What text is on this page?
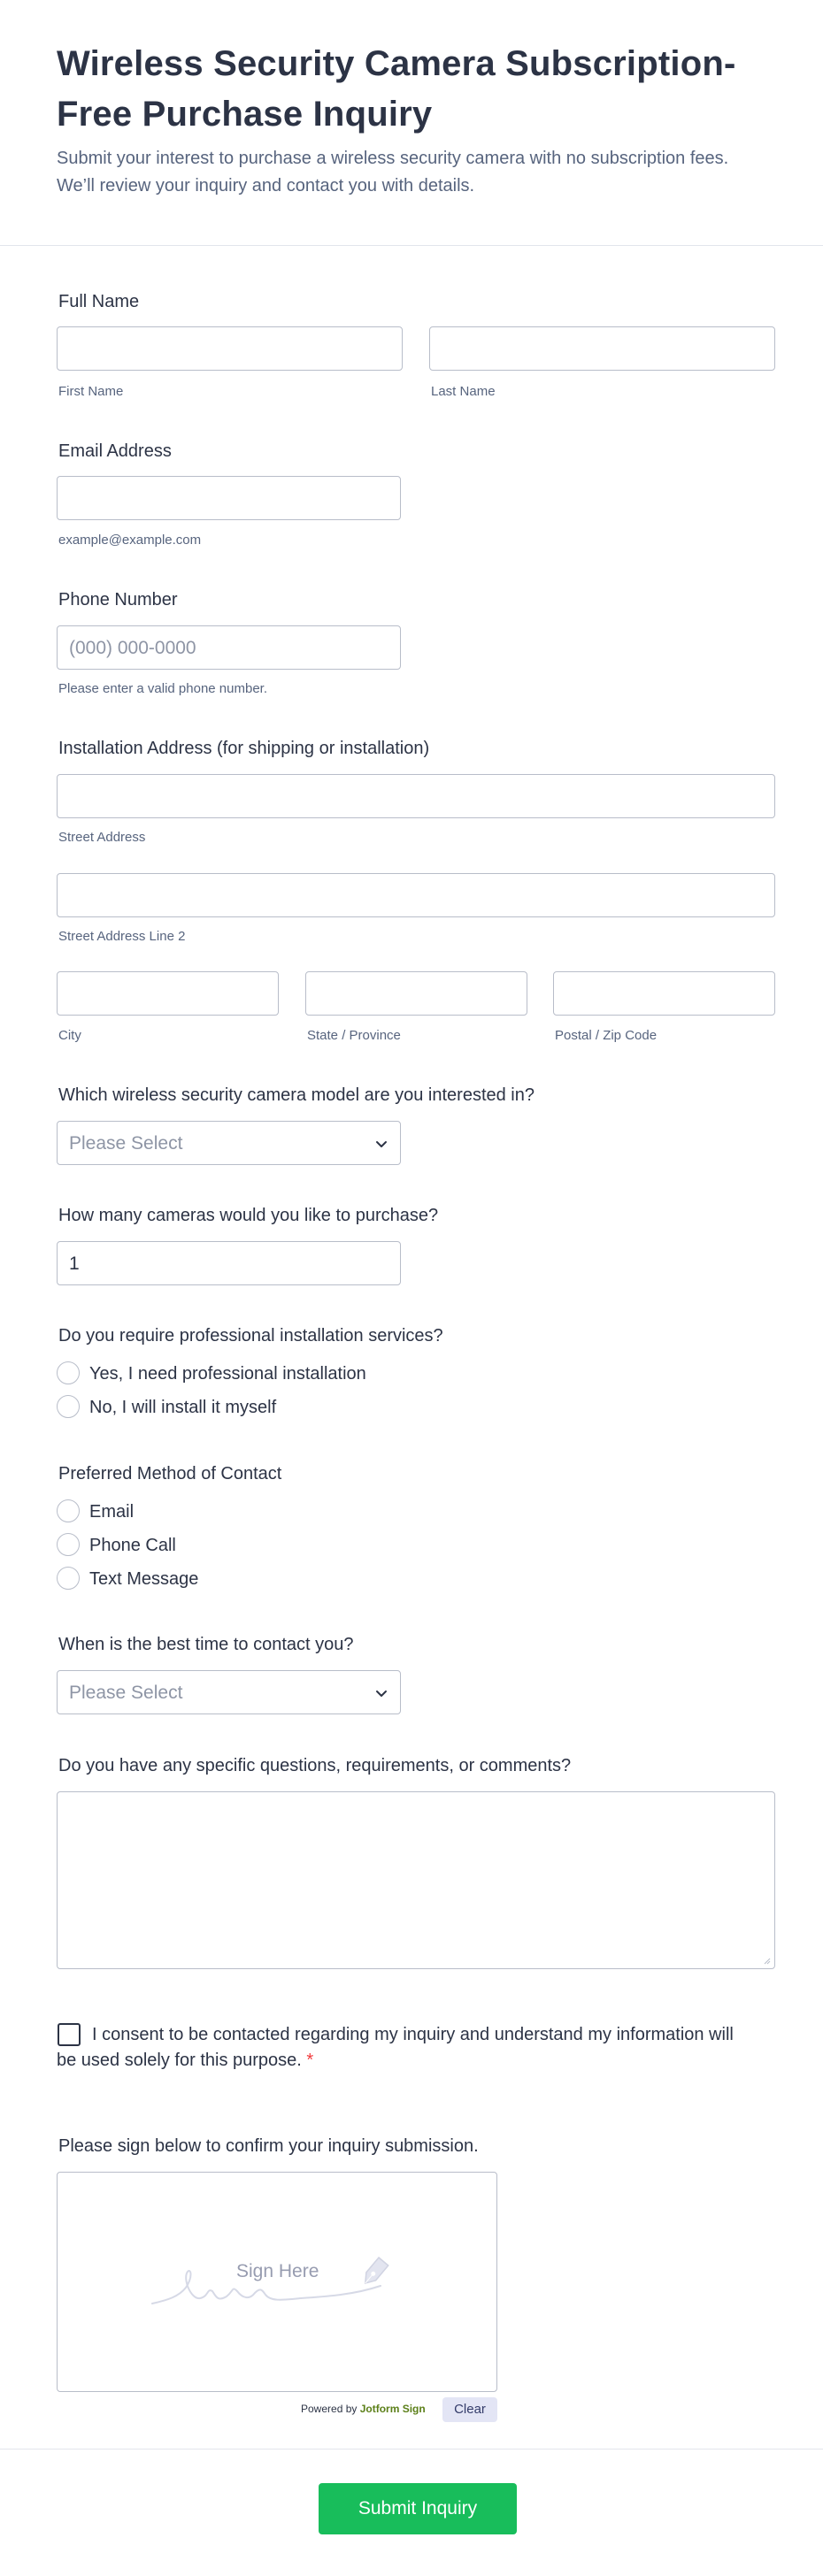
Wireless Security Camera Subscription-Free Purchase Inquiry

Submit your interest to purchase a wireless security camera with no subscription fees. We’ll review your inquiry and contact you with details.

Full Name
First Name	Last Name
Email Address
example@example.com
Phone Number
(000) 000-0000
Please enter a valid phone number.
Installation Address (for shipping or installation)
Street Address
Street Address Line 2
City	State / Province	Postal / Zip Code
Which wireless security camera model are you interested in?
Please Select
How many cameras would you like to purchase?
1
Do you require professional installation services?
Yes, I need professional installation
No, I will install it myself
Preferred Method of Contact
Email
Phone Call
Text Message
When is the best time to contact you?
Please Select
Do you have any specific questions, requirements, or comments?
I consent to be contacted regarding my inquiry and understand my information will be used solely for this purpose. *
Please sign below to confirm your inquiry submission.
Sign Here
Powered by Jotform Sign	Clear
Submit Inquiry
